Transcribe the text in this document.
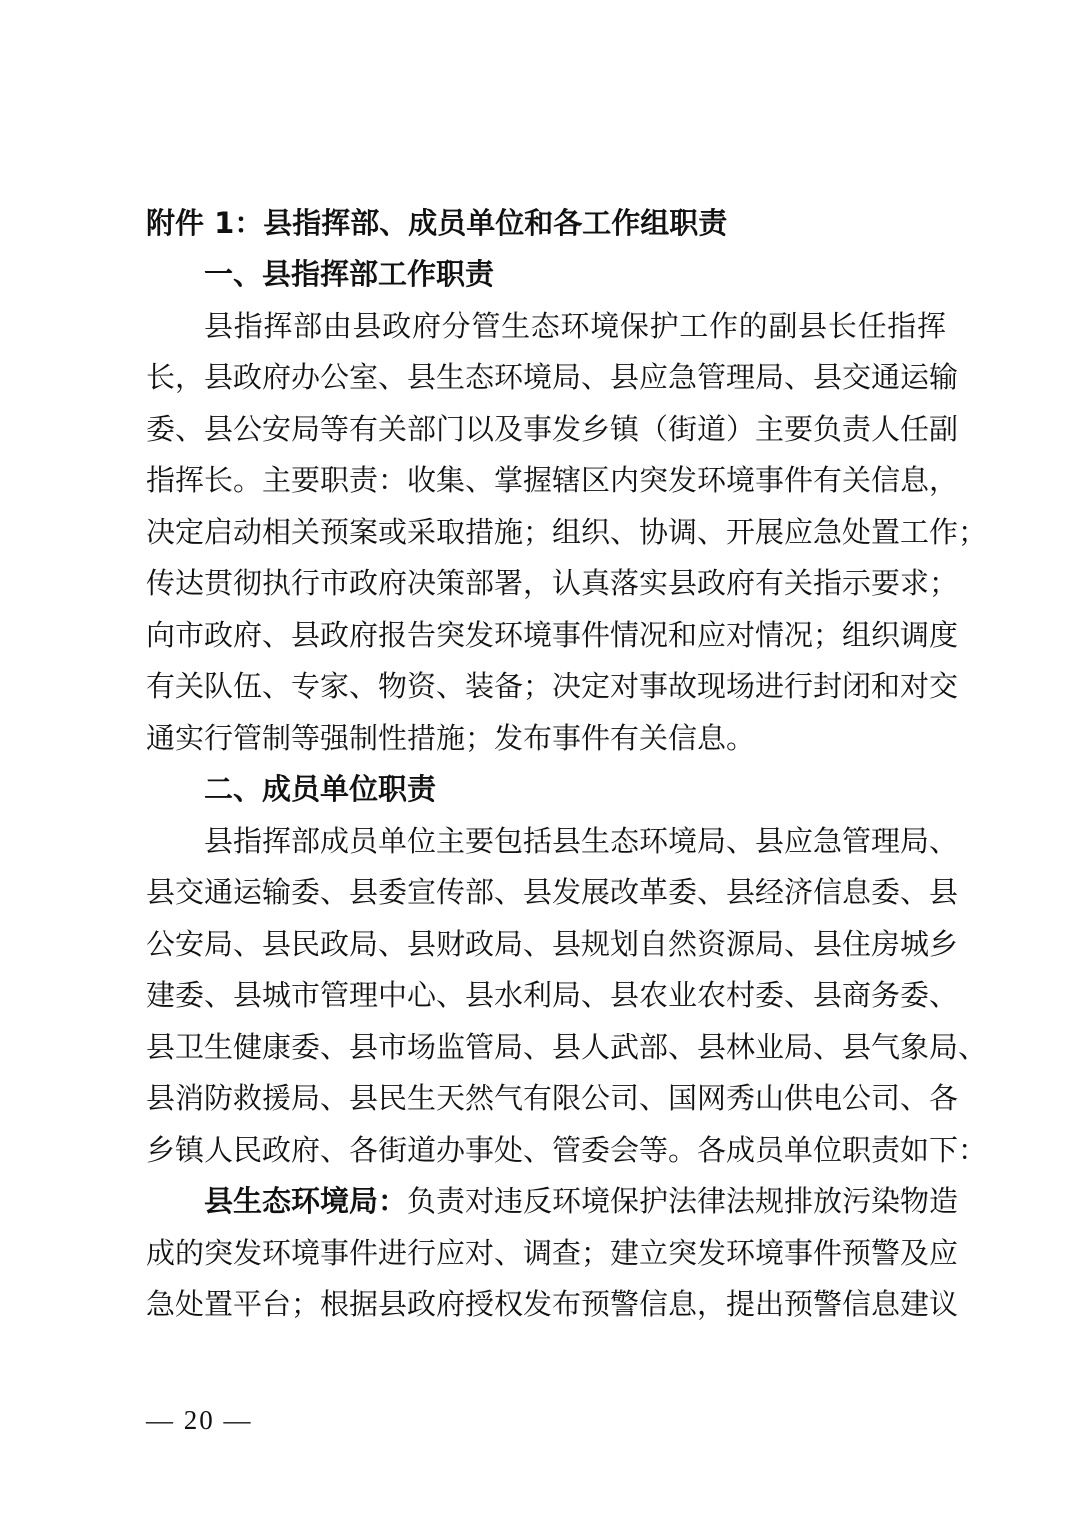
附件 1：县指挥部、成员单位和各工作组职责
一、县指挥部工作职责
县指挥部由县政府分管生态环境保护工作的副县长任指挥
长，县政府办公室、县生态环境局、县应急管理局、县交通运输
委、县公安局等有关部门以及事发乡镇（街道）主要负责人任副
指挥长。主要职责：收集、掌握辖区内突发环境事件有关信息，
决定启动相关预案或采取措施；组织、协调、开展应急处置工作；
传达贯彻执行市政府决策部署，认真落实县政府有关指示要求；
向市政府、县政府报告突发环境事件情况和应对情况；组织调度
有关队伍、专家、物资、装备；决定对事故现场进行封闭和对交
通实行管制等强制性措施；发布事件有关信息。
二、成员单位职责
县指挥部成员单位主要包括县生态环境局、县应急管理局、
县交通运输委、县委宣传部、县发展改革委、县经济信息委、县
公安局、县民政局、县财政局、县规划自然资源局、县住房城乡
建委、县城市管理中心、县水利局、县农业农村委、县商务委、
县卫生健康委、县市场监管局、县人武部、县林业局、县气象局、
县消防救援局、县民生天然气有限公司、国网秀山供电公司、各
乡镇人民政府、各街道办事处、管委会等。各成员单位职责如下：
县生态环境局：负责对违反环境保护法律法规排放污染物造
成的突发环境事件进行应对、调查；建立突发环境事件预警及应
急处置平台；根据县政府授权发布预警信息，提出预警信息建议
— 20 —
